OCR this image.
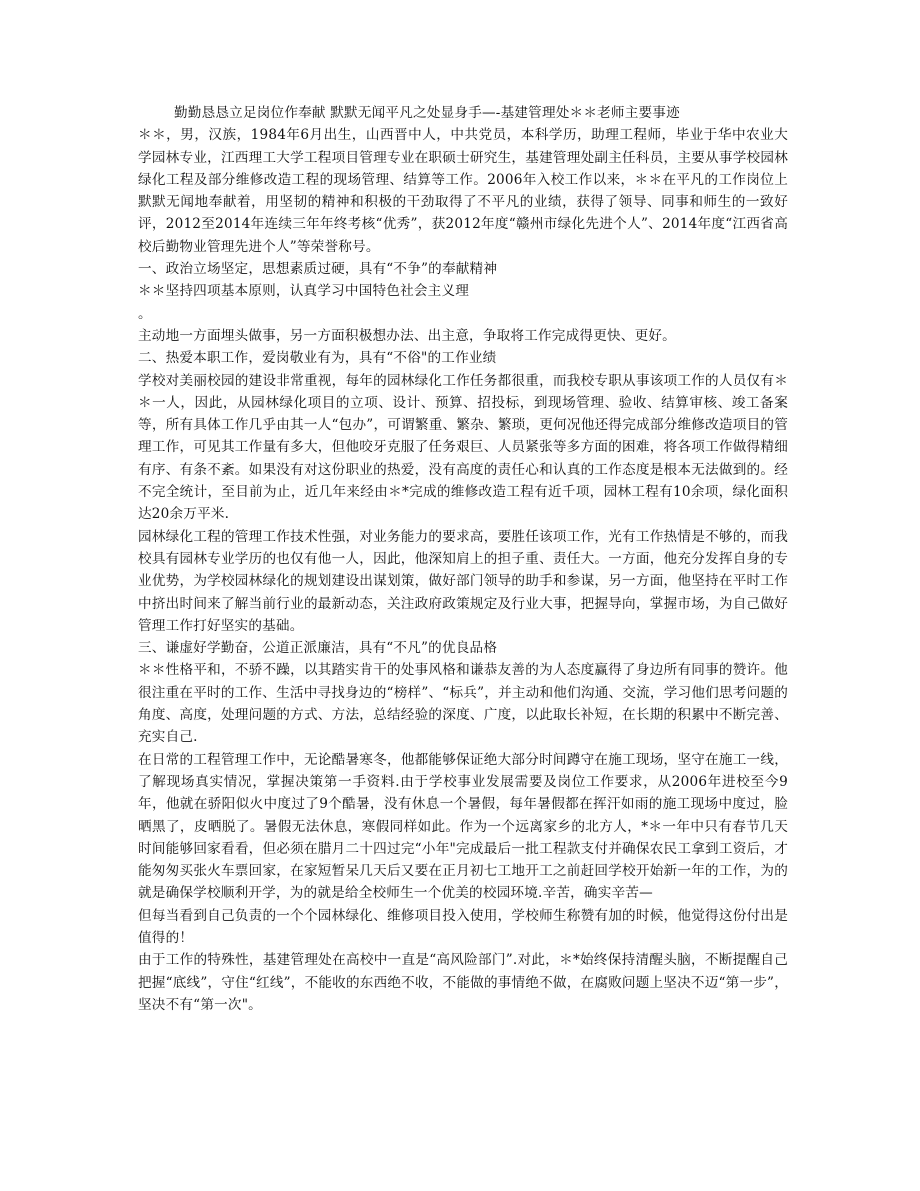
勤勤恳恳立足岗位作奉献 默默无闻平凡之处显身手—-基建管理处＊＊老师主要事迹

＊＊，男，汉族，1984年6月出生，山西晋中人，中共党员，本科学历，助理工程师，毕业于华中农业大学园林专业，江西理工大学工程项目管理专业在职硕士研究生，基建管理处副主任科员，主要从事学校园林绿化工程及部分维修改造工程的现场管理、结算等工作。2006年入校工作以来，＊＊在平凡的工作岗位上默默无闻地奉献着，用坚韧的精神和积极的干劲取得了不平凡的业绩，获得了领导、同事和师生的一致好评，2012至2014年连续三年年终考核“优秀”，获2012年度“赣州市绿化先进个人”、2014年度“江西省高校后勤物业管理先进个人”等荣誉称号。

一、政治立场坚定，思想素质过硬，具有“不争”的奉献精神

＊＊坚持四项基本原则，认真学习中国特色社会主义理

。

主动地一方面埋头做事，另一方面积极想办法、出主意，争取将工作完成得更快、更好。

二、热爱本职工作，爱岗敬业有为，具有“不俗"的工作业绩

学校对美丽校园的建设非常重视，每年的园林绿化工作任务都很重，而我校专职从事该项工作的人员仅有＊＊一人，因此，从园林绿化项目的立项、设计、预算、招投标，到现场管理、验收、结算审核、竣工备案等，所有具体工作几乎由其一人“包办”，可谓繁重、繁杂、繁琐，更何况他还得完成部分维修改造项目的管理工作，可见其工作量有多大，但他咬牙克服了任务艰巨、人员紧张等多方面的困难，将各项工作做得精细有序、有条不紊。如果没有对这份职业的热爱，没有高度的责任心和认真的工作态度是根本无法做到的。经不完全统计，至目前为止，近几年来经由＊*完成的维修改造工程有近千项，园林工程有10余项，绿化面积达20余万平米.

园林绿化工程的管理工作技术性强，对业务能力的要求高，要胜任该项工作，光有工作热情是不够的，而我校具有园林专业学历的也仅有他一人，因此，他深知肩上的担子重、责任大。一方面，他充分发挥自身的专业优势，为学校园林绿化的规划建设出谋划策，做好部门领导的助手和参谋，另一方面，他坚持在平时工作中挤出时间来了解当前行业的最新动态，关注政府政策规定及行业大事，把握导向，掌握市场，为自己做好管理工作打好坚实的基础。

三、谦虚好学勤奋，公道正派廉洁，具有“不凡”的优良品格

＊＊性格平和，不骄不躁，以其踏实肯干的处事风格和谦恭友善的为人态度赢得了身边所有同事的赞许。他很注重在平时的工作、生活中寻找身边的“榜样”、“标兵”，并主动和他们沟通、交流，学习他们思考问题的角度、高度，处理问题的方式、方法，总结经验的深度、广度，以此取长补短，在长期的积累中不断完善、充实自己.

在日常的工程管理工作中，无论酷暑寒冬，他都能够保证绝大部分时间蹲守在施工现场，坚守在施工一线，了解现场真实情况，掌握决策第一手资料.由于学校事业发展需要及岗位工作要求，从2006年进校至今9年，他就在骄阳似火中度过了9个酷暑，没有休息一个暑假，每年暑假都在挥汗如雨的施工现场中度过，脸晒黑了，皮晒脱了。暑假无法休息，寒假同样如此。作为一个远离家乡的北方人，*＊一年中只有春节几天时间能够回家看看，但必须在腊月二十四过完“小年"完成最后一批工程款支付并确保农民工拿到工资后，才能匆匆买张火车票回家，在家短暂呆几天后又要在正月初七工地开工之前赶回学校开始新一年的工作，为的就是确保学校顺利开学，为的就是给全校师生一个优美的校园环境.辛苦，确实辛苦—

但每当看到自己负责的一个个园林绿化、维修项目投入使用，学校师生称赞有加的时候，他觉得这份付出是值得的！

由于工作的特殊性，基建管理处在高校中一直是“高风险部门”.对此，＊*始终保持清醒头脑，不断提醒自己把握“底线”，守住“红线”，不能收的东西绝不收，不能做的事情绝不做，在腐败问题上坚决不迈“第一步”，坚决不有“第一次"。
